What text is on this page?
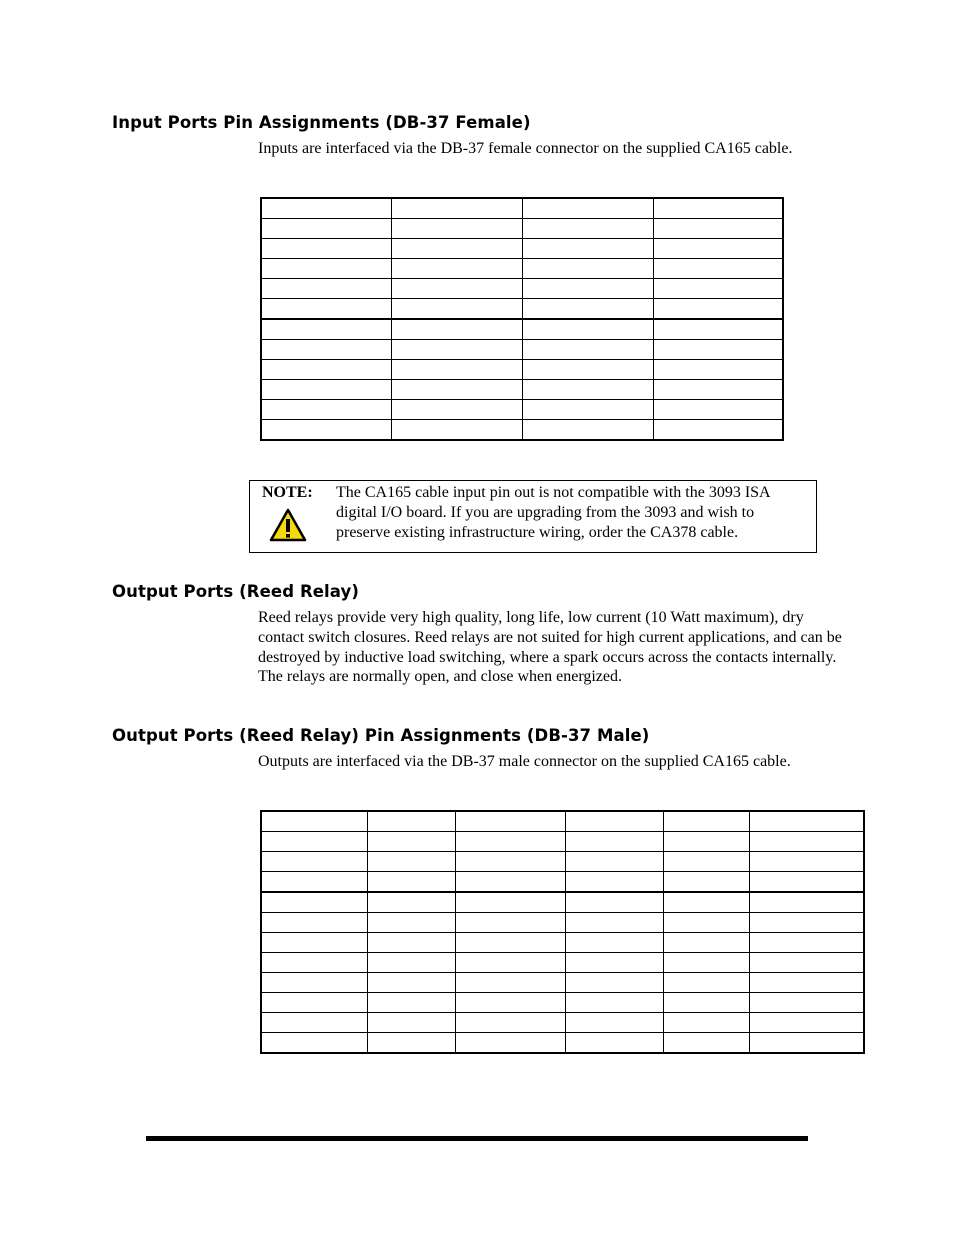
Input Ports Pin Assignments (DB-37 Female)
Inputs are interfaced via the DB-37 female connector on the supplied CA165 cable.

NOTE: The CA165 cable input pin out is not compatible with the 3093 ISA digital I/O board. If you are upgrading from the 3093 and wish to preserve existing infrastructure wiring, order the CA378 cable.
Output Ports (Reed Relay)
Reed relays provide very high quality, long life, low current (10 Watt maximum), dry contact switch closures. Reed relays are not suited for high current applications, and can be destroyed by inductive load switching, where a spark occurs across the contacts internally. The relays are normally open, and close when energized.
Output Ports (Reed Relay) Pin Assignments (DB-37 Male)
Outputs are interfaced via the DB-37 male connector on the supplied CA165 cable.
